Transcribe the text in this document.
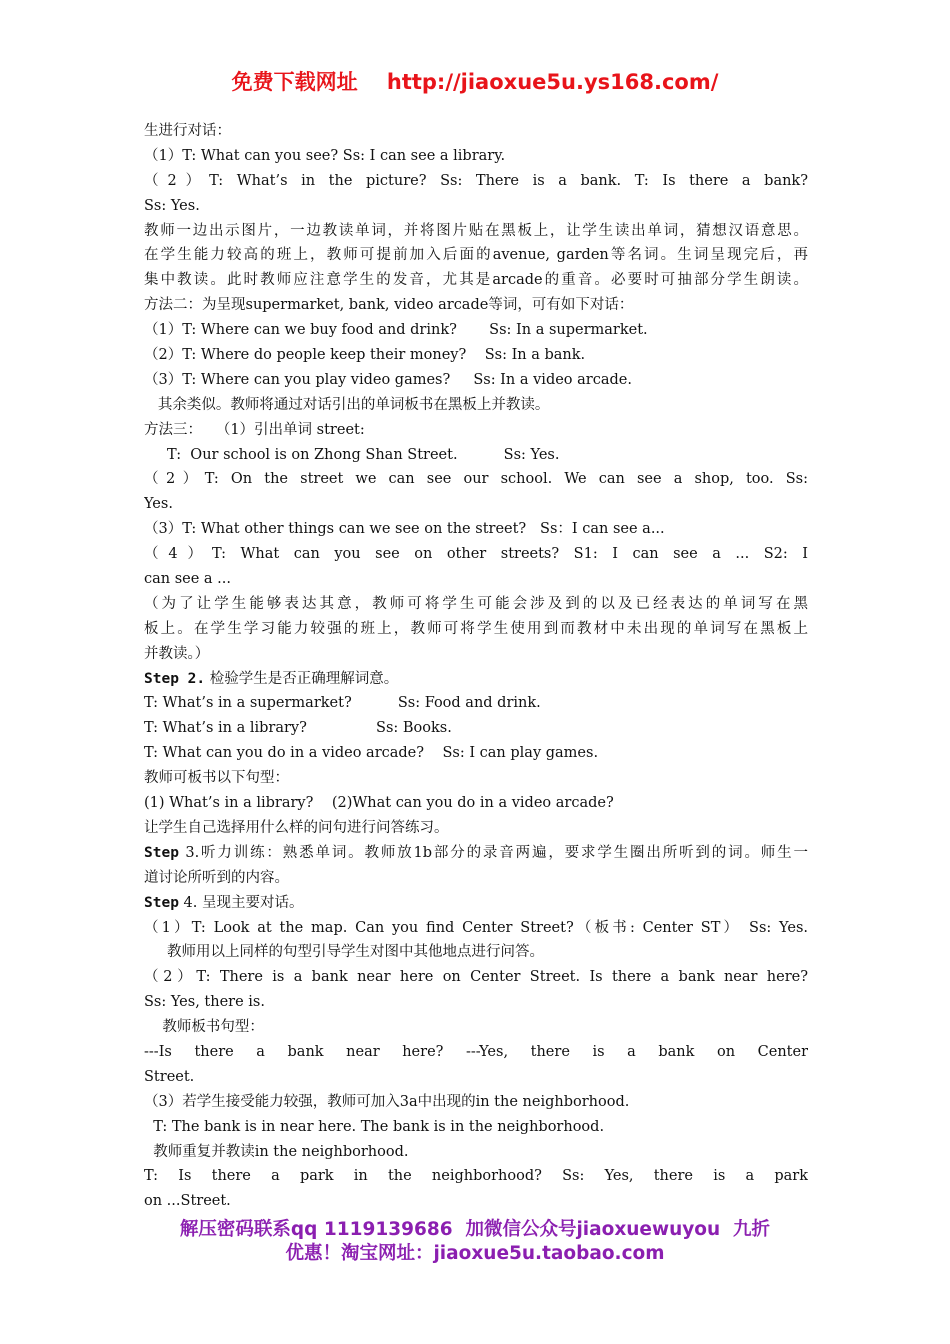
免费下载网址    http://jiaoxue5u.ys168.com/
生进行对话：
（1）T: What can you see? Ss: I can see a library.
（2）T: What’s in the picture? Ss: There is a bank. T: Is there a bank?
Ss: Yes.
教师一边出示图片，一边教读单词，并将图片贴在黑板上，让学生读出单词，猜想汉语意思。
在学生能力较高的班上，教师可提前加入后面的avenue, garden等名词。生词呈现完后，再
集中教读。此时教师应注意学生的发音，尤其是arcade的重音。必要时可抽部分学生朗读。
方法二：为呈现supermarket, bank, video arcade等词，可有如下对话：
（1）T: Where can we buy food and drink?       Ss: In a supermarket.
（2）T: Where do people keep their money?    Ss: In a bank.
（3）T: Where can you play video games?     Ss: In a video arcade.
其余类似。教师将通过对话引出的单词板书在黑板上并教读。
方法三：   （1）引出单词 street:
T:  Our school is on Zhong Shan Street.          Ss: Yes.
（2）T: On the street we can see our school. We can see a shop, too. Ss:
Yes.
（3）T: What other things can we see on the street?   Ss：I can see a...
（4）T: What can you see on other streets? S1: I can see a ... S2: I
can see a ...
（为了让学生能够表达其意，教师可将学生可能会涉及到的以及已经表达的单词写在黑
板上。在学生学习能力较强的班上，教师可将学生使用到而教材中未出现的单词写在黑板上
并教读。）
Step 2. 检验学生是否正确理解词意。
T: What’s in a supermarket?          Ss: Food and drink.
T: What’s in a library?               Ss: Books.
T: What can you do in a video arcade?    Ss: I can play games.
教师可板书以下句型：
(1) What’s in a library?    (2)What can you do in a video arcade?
让学生自己选择用什么样的问句进行问答练习。
Step 3.听力训练：熟悉单词。教师放1b部分的录音两遍，要求学生圈出所听到的词。师生一
道讨论所听到的内容。
Step 4. 呈现主要对话。
（1）T: Look at the map. Can you find Center Street?（板书: Center ST） Ss: Yes.
教师用以上同样的句型引导学生对图中其他地点进行问答。
（2）T: There is a bank near here on Center Street. Is there a bank near here?
Ss: Yes, there is.
教师板书句型：
---Is there a bank near here? ---Yes, there is a bank on Center
Street.
（3）若学生接受能力较强，教师可加入3a中出现的in the neighborhood.
T: The bank is in near here. The bank is in the neighborhood.
教师重复并教读in the neighborhood.
T: Is there a park in the neighborhood? Ss: Yes, there is a park
on ...Street.
解压密码联系qq 1119139686  加微信公众号jiaoxuewuyou  九折
优惠！淘宝网址：jiaoxue5u.taobao.com
